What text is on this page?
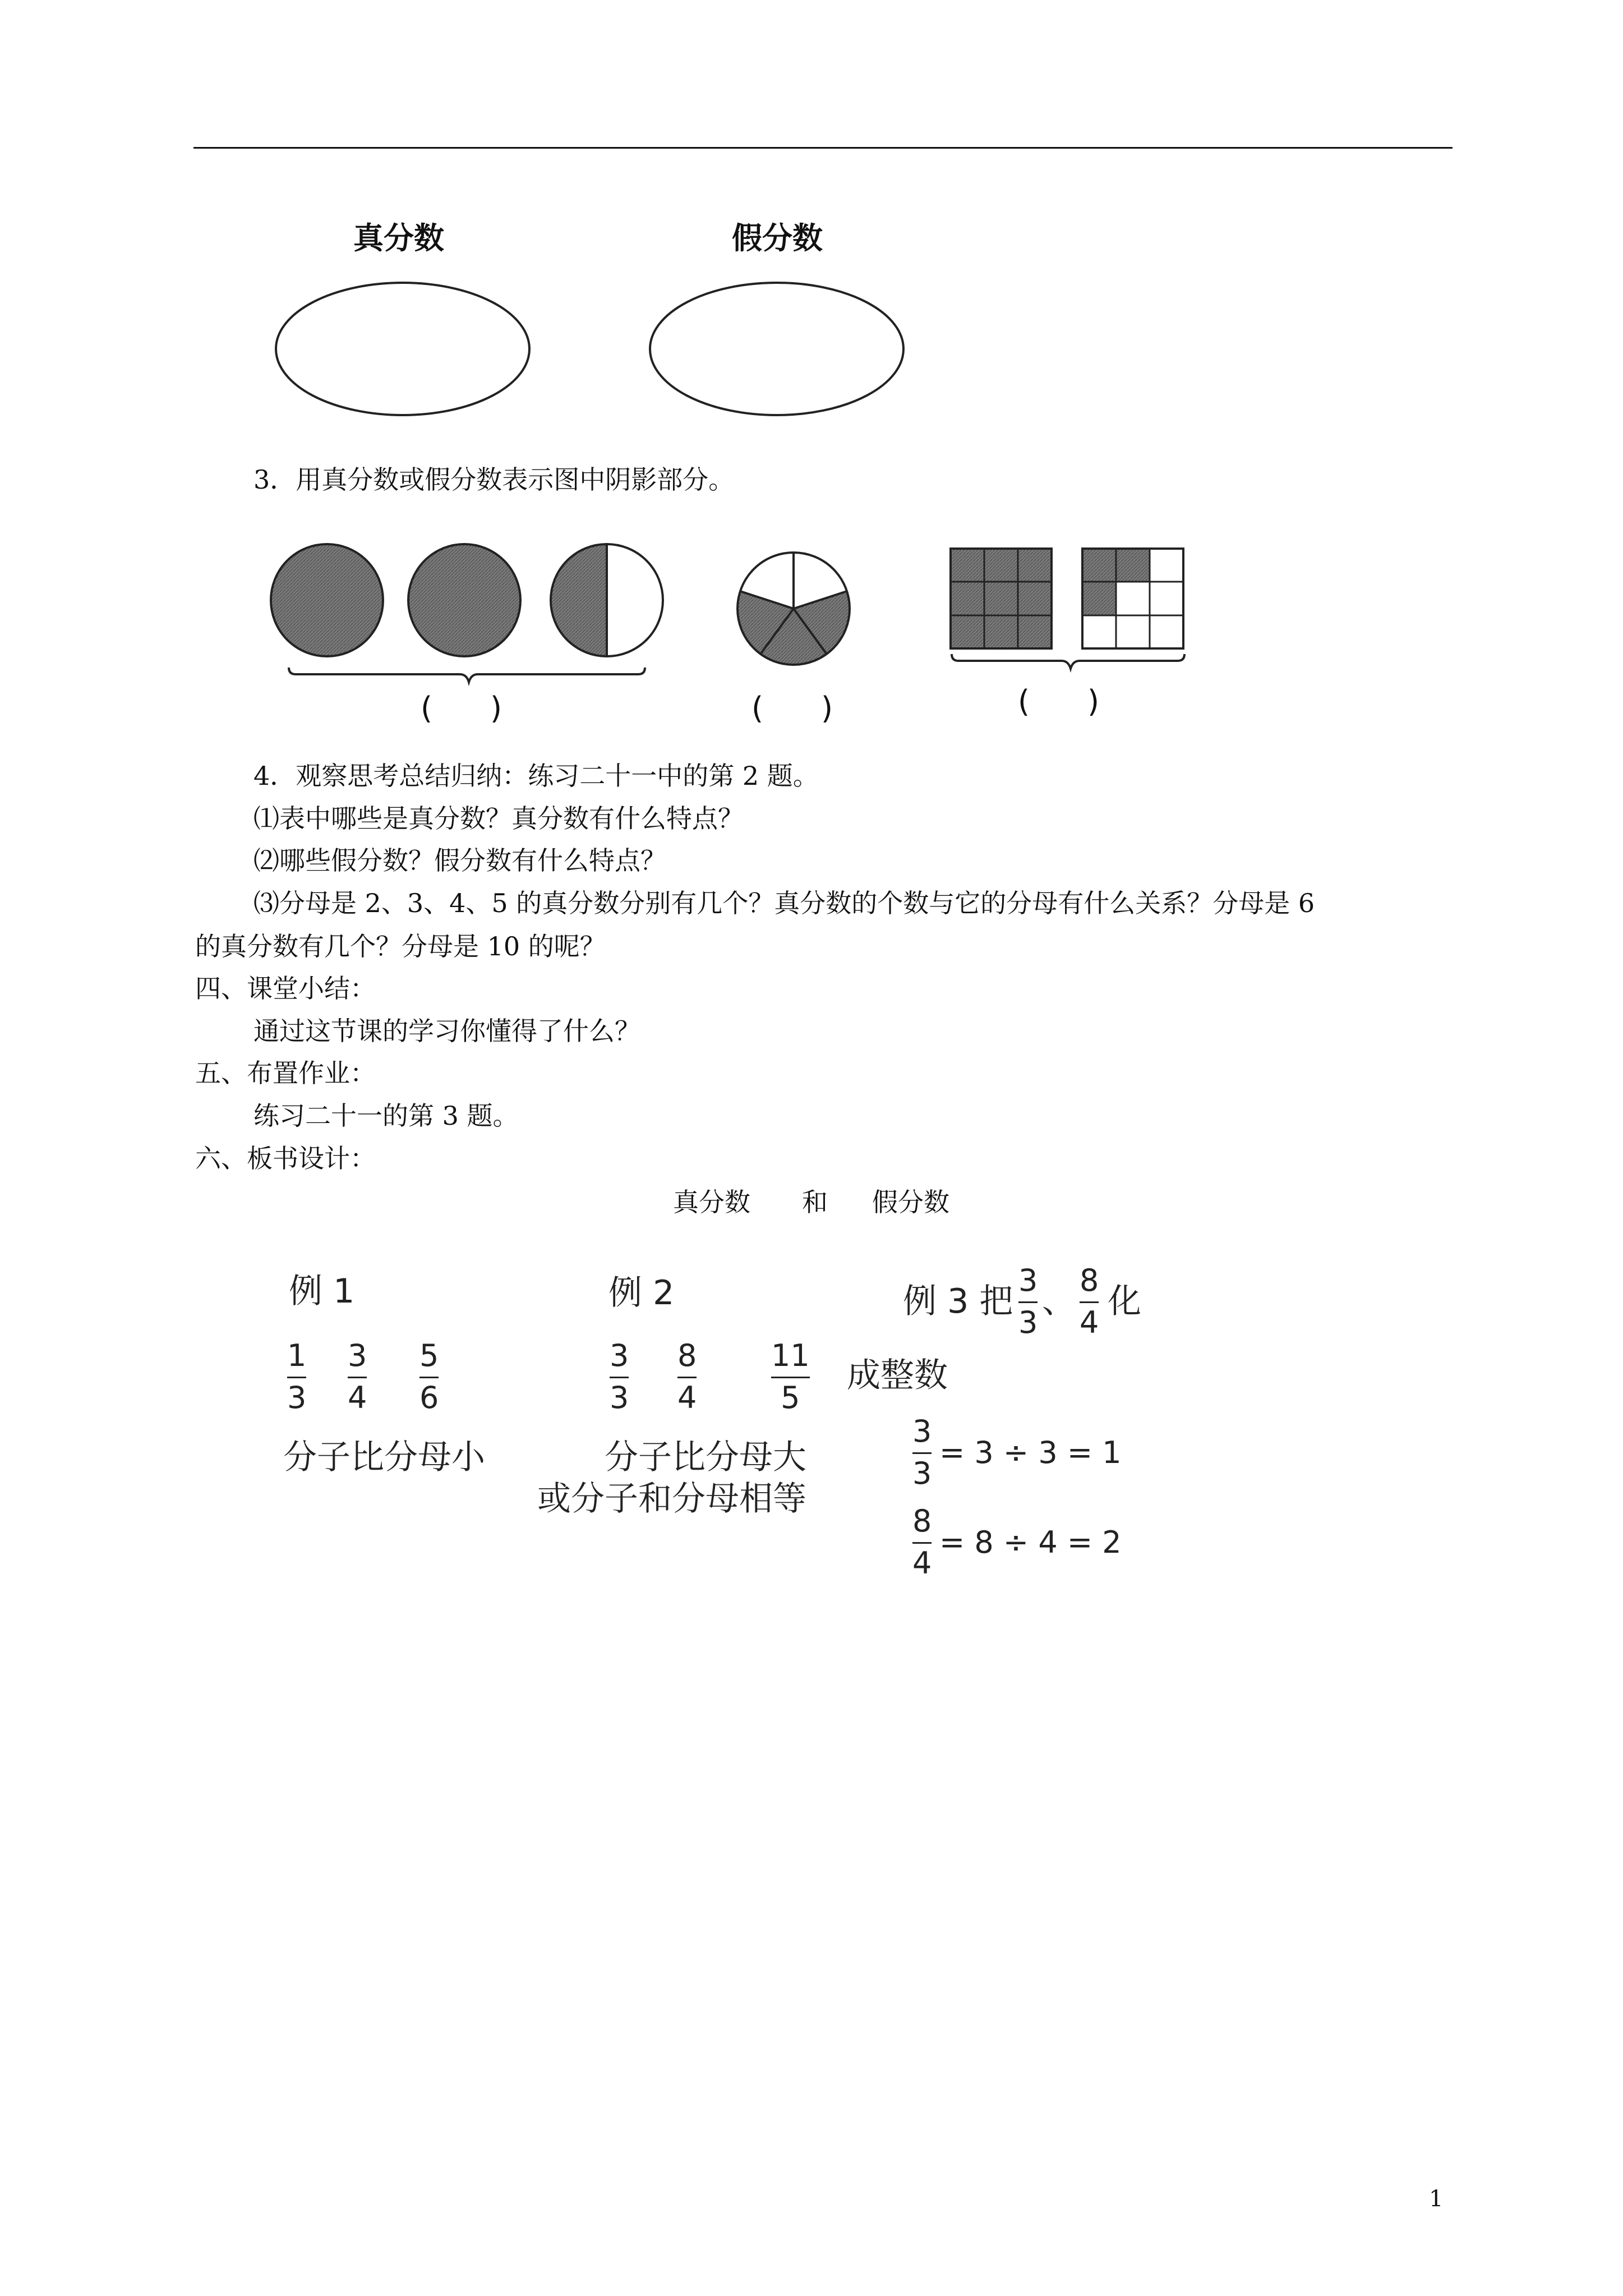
真分数	假分数
3．用真分数或假分数表示图中阴影部分。
(      )	(      )	(      )
4．观察思考总结归纳：练习二十一中的第 2 题。
⑴表中哪些是真分数？真分数有什么特点？
⑵哪些假分数？假分数有什么特点？
⑶分母是 2、3、4、5 的真分数分别有几个？真分数的个数与它的分母有什么关系？分母是 6
的真分数有几个？分母是 10 的呢？
四、课堂小结：
通过这节课的学习你懂得了什么？
五、布置作业：
练习二十一的第 3 题。
六、板书设计：
真分数 和 假分数
例 1
1
3
3
4
5
6
分子比分母小
例 2
3
3
8
4
11
5
分子比分母大
或分子和分母相等
例 3 把
3
3
、
8
4
化
成整数
3
3
= 3 ÷ 3 = 1
8
4
= 8 ÷ 4 = 2
1
